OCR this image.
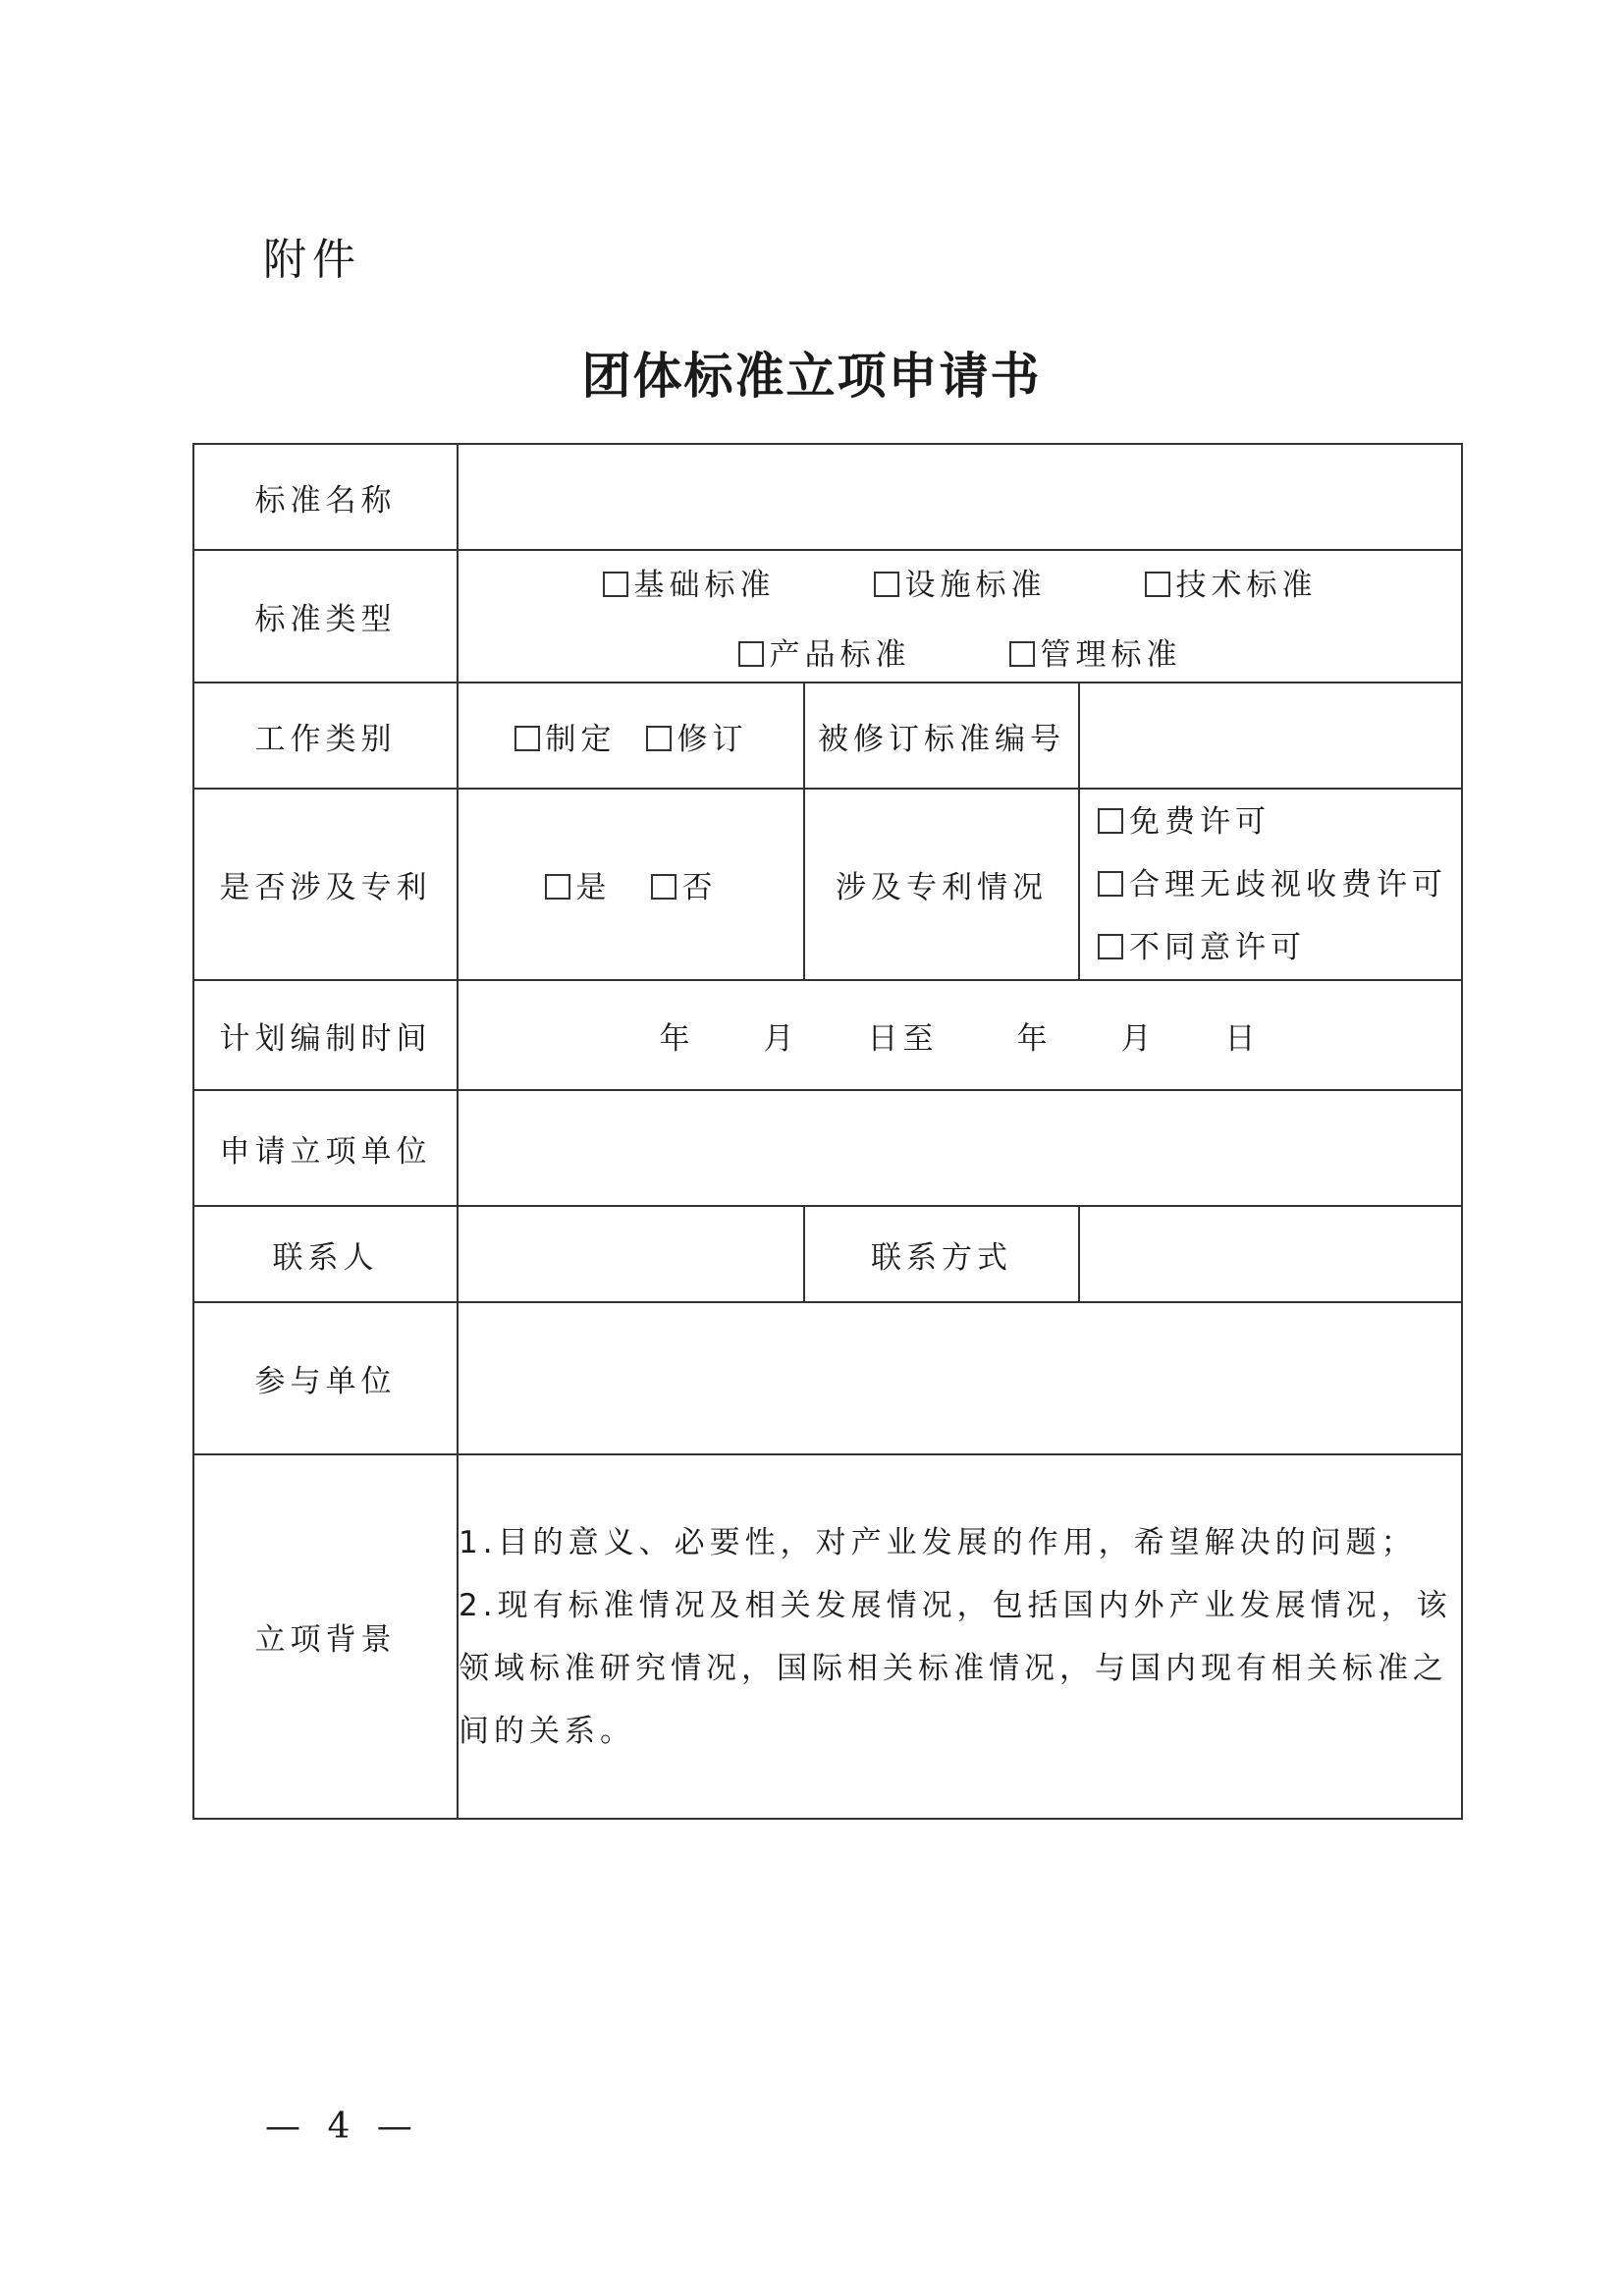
附件
团体标准立项申请书
标准名称			
标准类型	基础标准 设施标准 技术标准
产品标准 管理标准		

工作类别	制定 修订	被修订标准编号	
是否涉及专利	是 否	涉及专利情况	免费许可
合理无歧视收费许可
不同意许可
计划编制时间	年 月 日至 年 月 日		
申请立项单位			
联系人		联系方式	
参与单位			
立项背景	1.目的意义、必要性，对产业发展的作用，希望解决的问题；
2.现有标准情况及相关发展情况，包括国内外产业发展情况，该领域标准研究情况，国际相关标准情况，与国内现有相关标准之间的关系。		
— 4 —
